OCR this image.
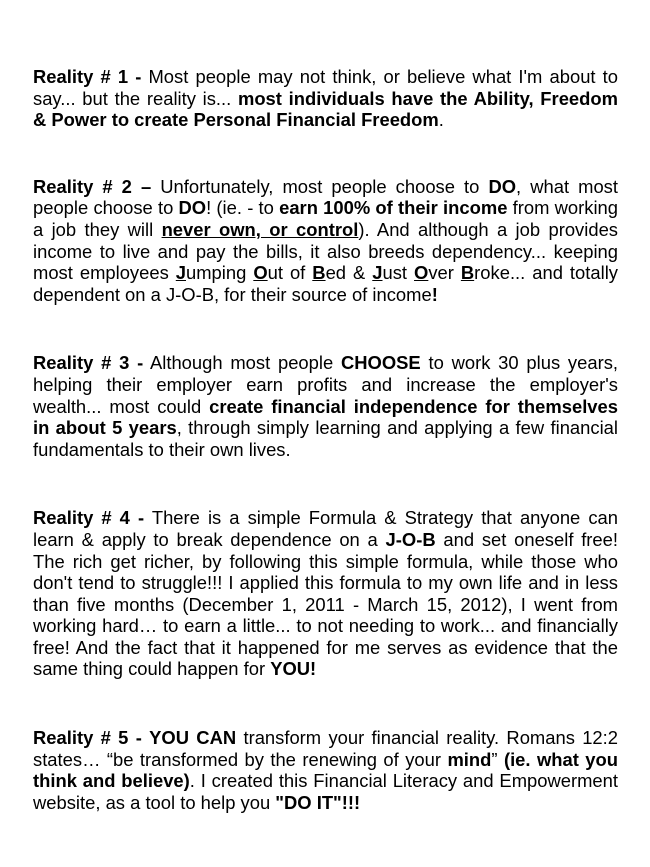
Reality # 1 - Most people may not think, or believe what I'm about to say... but the reality is... most individuals have the Ability, Freedom & Power to create Personal Financial Freedom.

Reality # 2 – Unfortunately, most people choose to DO, what most people choose to DO! (ie. - to earn 100% of their income from working a job they will never own, or control). And although a job provides income to live and pay the bills, it also breeds dependency... keeping most employees Jumping Out of Bed & Just Over Broke... and totally dependent on a J-O-B, for their source of income!

Reality # 3 - Although most people CHOOSE to work 30 plus years, helping their employer earn profits and increase the employer's wealth... most could create financial independence for themselves in about 5 years, through simply learning and applying a few financial fundamentals to their own lives.

Reality # 4 - There is a simple Formula & Strategy that anyone can learn & apply to break dependence on a J-O-B and set oneself free! The rich get richer, by following this simple formula, while those who don't tend to struggle!!! I applied this formula to my own life and in less than five months (December 1, 2011 - March 15, 2012), I went from working hard… to earn a little... to not needing to work... and financially free! And the fact that it happened for me serves as evidence that the same thing could happen for YOU!

Reality # 5 - YOU CAN transform your financial reality. Romans 12:2 states… “be transformed by the renewing of your mind” (ie. what you think and believe). I created this Financial Literacy and Empowerment website, as a tool to help you "DO IT"!!!
